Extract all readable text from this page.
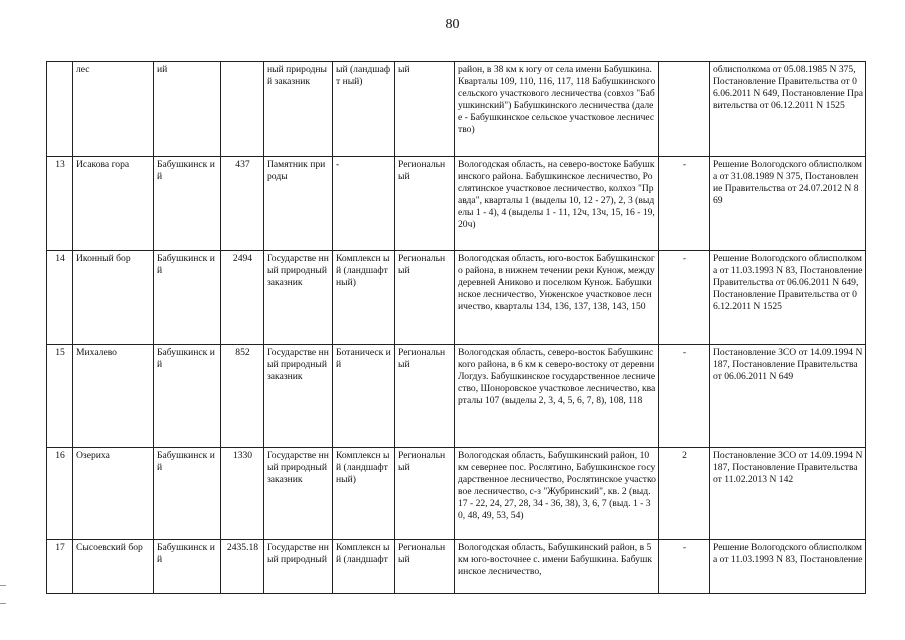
80
	лес	ий		ный природный заказник	ый (ландшафт ный)	ый	район, в 38 км к югу от села имени Бабушкина. Кварталы 109, 110, 116, 117, 118 Бабушкинского сельского участкового лесничества (совхоз "Бабушкинский") Бабушкинского лесничества (далее - Бабушкинское сельское участковое лесничество)		облисполкома от 05.08.1985 N 375, Постановление Правительства от 06.06.2011 N 649, Постановление Правительства от 06.12.2011 N 1525
13	Исакова гора	Бабушкинск ий	437	Памятник природы	-	Региональн ый	Вологодская область, на северо-востоке Бабушкинского района. Бабушкинское лесничество, Рослятинское участковое лесничество, колхоз "Правда", кварталы 1 (выделы 10, 12 - 27), 2, 3 (выделы 1 - 4), 4 (выделы 1 - 11, 12ч, 13ч, 15, 16 - 19, 20ч)	-	Решение Вологодского облисполкома от 31.08.1989 N 375, Постановление Правительства от 24.07.2012 N 869
14	Иконный бор	Бабушкинск ий	2494	Государстве нный природный заказник	Комплексн ый (ландшафт ный)	Региональн ый	Вологодская область, юго-восток Бабушкинского района, в нижнем течении реки Кунож, между деревней Аниково и поселком Кунож. Бабушкинское лесничество, Унженское участковое лесничество, кварталы 134, 136, 137, 138, 143, 150	-	Решение Вологодского облисполкома от 11.03.1993 N 83, Постановление Правительства от 06.06.2011 N 649, Постановление Правительства от 06.12.2011 N 1525
15	Михалево	Бабушкинск ий	852	Государстве нный природный заказник	Ботаническ ий	Региональн ый	Вологодская область, северо-восток Бабушкинского района, в 6 км к северо-востоку от деревни Логдуз. Бабушкинское государственное лесничество, Шоноровское участковое лесничество, кварталы 107 (выделы 2, 3, 4, 5, 6, 7, 8), 108, 118	-	Постановление ЗСО от 14.09.1994 N 187, Постановление Правительства от 06.06.2011 N 649
16	Озериха	Бабушкинск ий	1330	Государстве нный природный заказник	Комплексн ый (ландшафт ный)	Региональн ый	Вологодская область, Бабушкинский район, 10 км севернее пос. Рослятино, Бабушкинское государственное лесничество, Рослятинское участковое лесничество, с-з "Жубринский", кв. 2 (выд. 17 - 22, 24, 27, 28, 34 - 36, 38), 3, 6, 7 (выд. 1 - 30, 48, 49, 53, 54)	2	Постановление ЗСО от 14.09.1994 N 187, Постановление Правительства от 11.02.2013 N 142
17	Сысоевский бор	Бабушкинск ий	2435.18	Государстве нный природный	Комплексн ый (ландшафт	Региональн ый	Вологодская область, Бабушкинский район, в 5 км юго-восточнее с. имени Бабушкина. Бабушкинское лесничество,	-	Решение Вологодского облисполкома от 11.03.1993 N 83, Постановление
